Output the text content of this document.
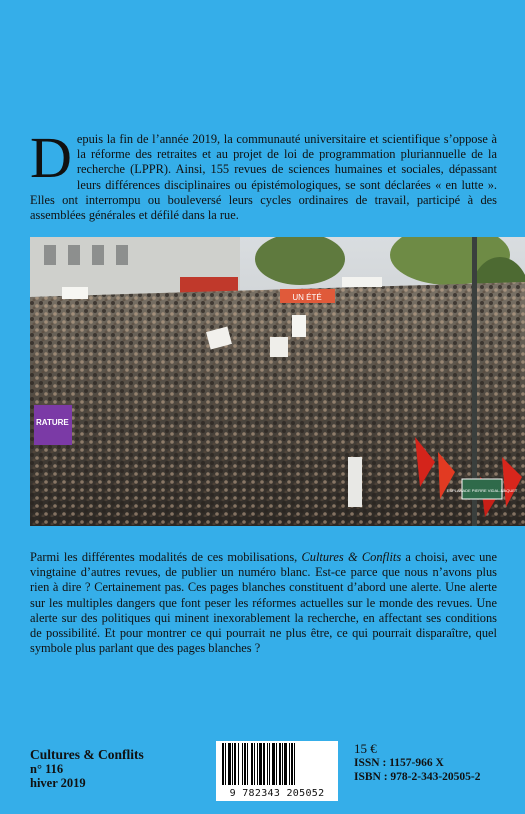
Depuis la fin de l’année 2019, la communauté universitaire et scientifique s’oppose à la réforme des retraites et au projet de loi de programmation pluriannuelle de la recherche (LPPR). Ainsi, 155 revues de sciences humaines et sociales, dépassant leurs différences disciplinaires ou épistémologiques, se sont déclarées « en lutte ». Elles ont interrompu ou bouleversé leurs cycles ordinaires de travail, participé à des assemblées générales et défilé dans la rue.

UN ÉTÉ
RATURE
ESPLANADE PIERRE VIDAL-NAQUET

Parmi les différentes modalités de ces mobilisations, Cultures & Conflits a choisi, avec une vingtaine d’autres revues, de publier un numéro blanc. Est-ce parce que nous n’avons plus rien à dire ? Certainement pas. Ces pages blanches constituent d’abord une alerte. Une alerte sur les multiples dangers que font peser les réformes actuelles sur le monde des revues. Une alerte sur des politiques qui minent inexorablement la recherche, en affectant ses conditions de possibilité. Et pour montrer ce qui pourrait ne plus être, ce qui pourrait disparaître, quel symbole plus parlant que des pages blanches ?

Cultures & Conflits
n° 116
hiver 2019
9 782343 205052
15 €
ISSN : 1157-966 X
ISBN : 978-2-343-20505-2
